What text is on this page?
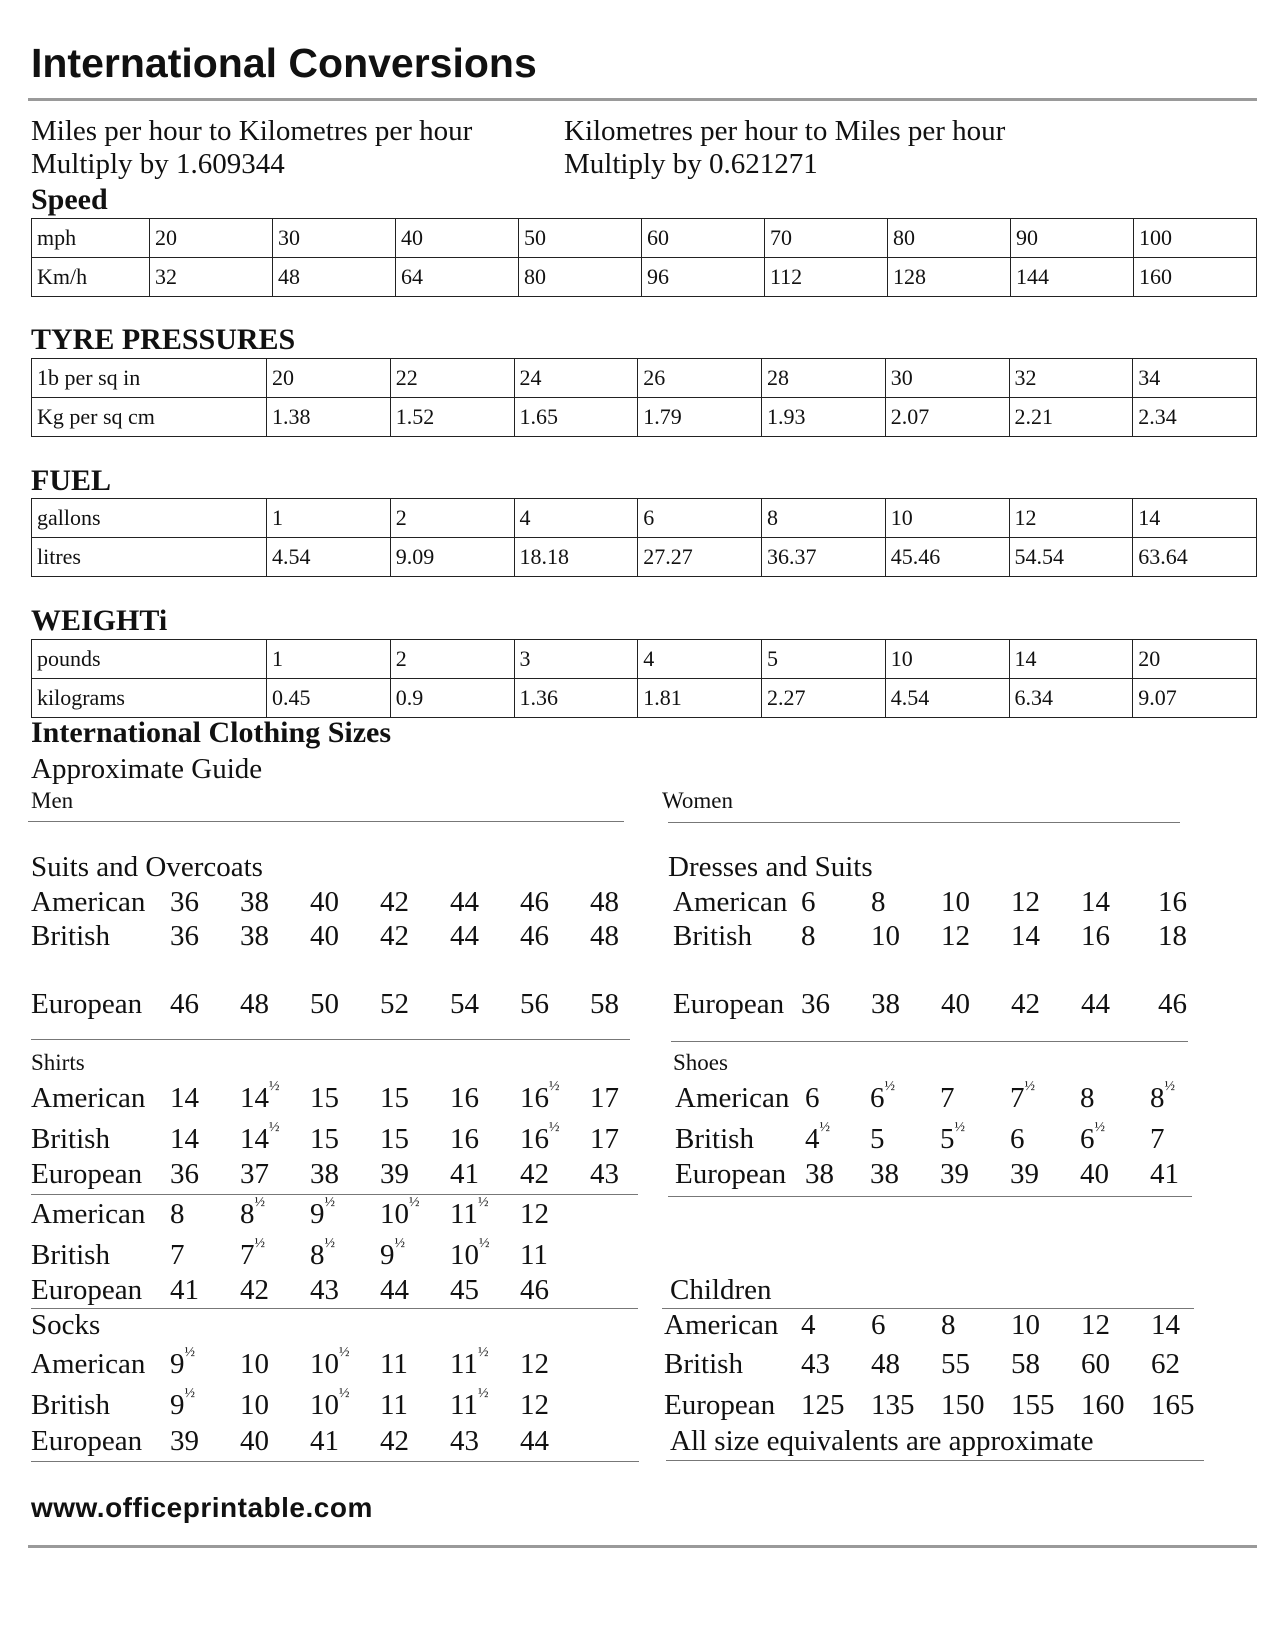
International Conversions
Miles per hour to Kilometres per hour
Multiply by 1.609344
Kilometres per hour to Miles per hour
Multiply by 0.621271
Speed
mph	20	30	40	50	60	70	80	90	100
Km/h	32	48	64	80	96	112	128	144	160
TYRE PRESSURES
1b per sq in	20	22	24	26	28	30	32	34
Kg per sq cm	1.38	1.52	1.65	1.79	1.93	2.07	2.21	2.34
FUEL
gallons	1	2	4	6	8	10	12	14
litres	4.54	9.09	18.18	27.27	36.37	45.46	54.54	63.64
WEIGHTi
pounds	1	2	3	4	5	10	14	20
kilograms	0.45	0.9	1.36	1.81	2.27	4.54	6.34	9.07
International Clothing Sizes
Approximate Guide
Men	Women
Suits and Overcoats	Dresses and Suits
Shirts	Shoes
Children
All size equivalents are approximate
Socks
www.officeprintable.com
American 36 38 40 42 44 46 48
British 36 38 40 42 44 46 48
European 46 48 50 52 54 56 58
American 6 8 10 12 14 16
British 8 10 12 14 16 18
European 36 38 40 42 44 46
American 14 $14^{\frac{1}{2}}$ 15 15 16 $16^{\frac{1}{2}}$ 17
British 14 $14^{\frac{1}{2}}$ 15 15 16 $16^{\frac{1}{2}}$ 17
European 36 37 38 39 41 42 43
American 6 $6^{\frac{1}{2}}$ 7 $7^{\frac{1}{2}}$ 8 $8^{\frac{1}{2}}$
British $4^{\frac{1}{2}}$ 5 $5^{\frac{1}{2}}$ 6 $6^{\frac{1}{2}}$ 7
European 38 38 39 39 40 41
American 8 $8^{\frac{1}{2}}$ $9^{\frac{1}{2}}$ $10^{\frac{1}{2}}$ $11^{\frac{1}{2}}$ 12
British 7 $7^{\frac{1}{2}}$ $8^{\frac{1}{2}}$ $9^{\frac{1}{2}}$ $10^{\frac{1}{2}}$ 11
European 41 42 43 44 45 46
American 4 6 8 10 12 14
British 43 48 55 58 60 62
European 125 135 150 155 160 165
American $9^{\frac{1}{2}}$ 10 $10^{\frac{1}{2}}$ 11 $11^{\frac{1}{2}}$ 12
British $9^{\frac{1}{2}}$ 10 $10^{\frac{1}{2}}$ 11 $11^{\frac{1}{2}}$ 12
European 39 40 41 42 43 44
